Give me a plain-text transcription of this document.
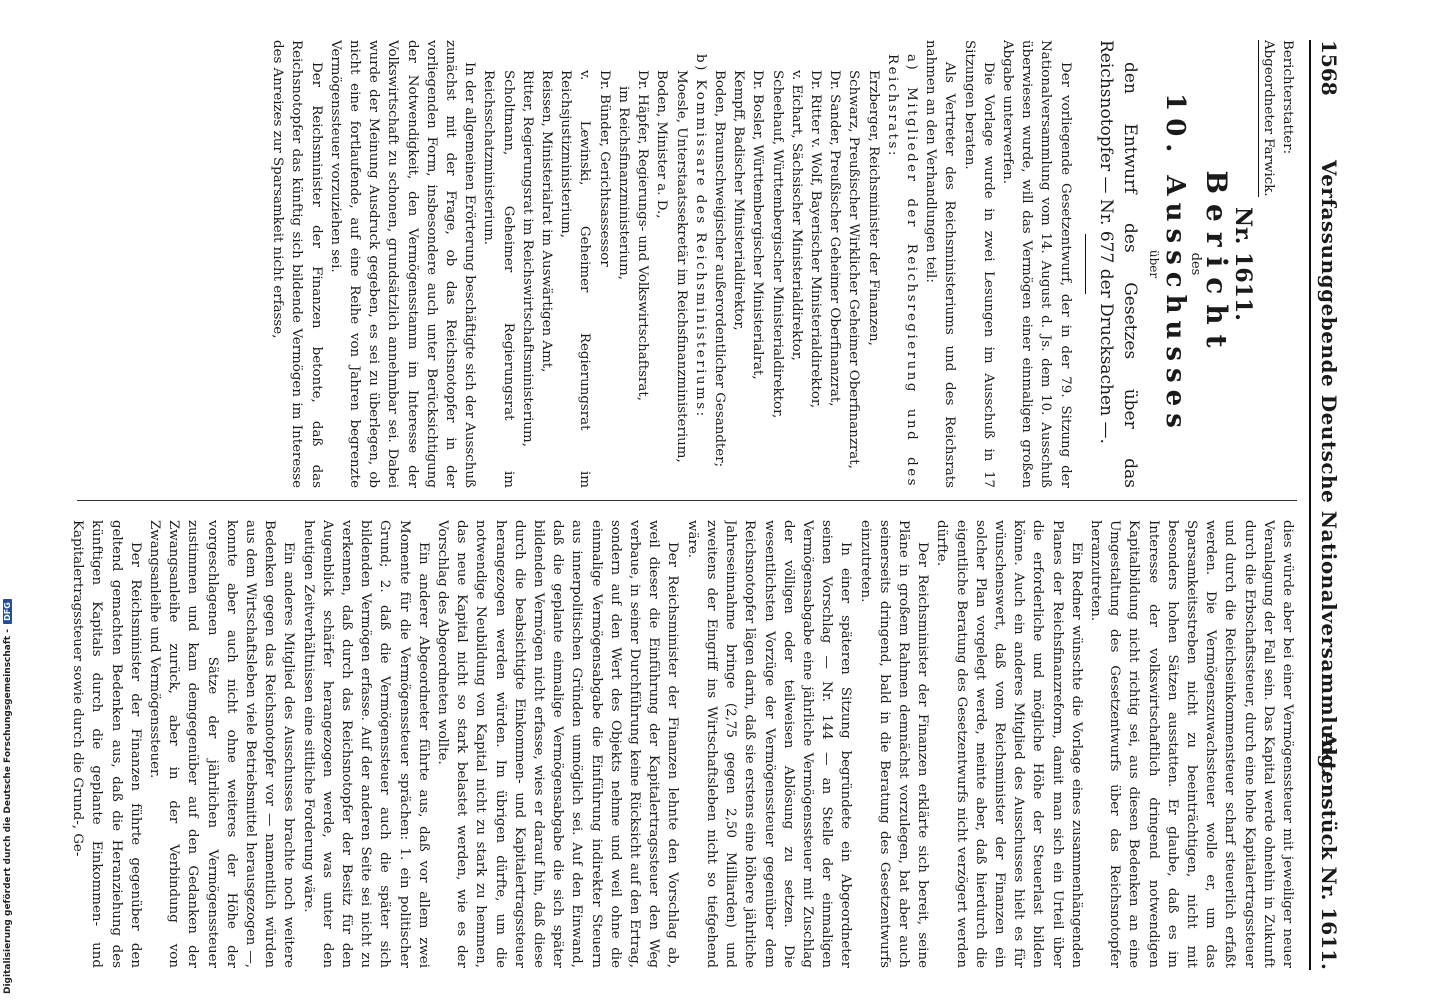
Digitalisierung gefördert durch die Deutsche Forschungsgemeinschaft - DFG
1568
Verfassunggebende Deutsche Nationalversammlung.
Aktenstück Nr. 1611.
Berichterstatter:
Abgeordneter Farwick.
Nr. 1611.
Bericht
des
10. Ausschusses
über

den Entwurf des Gesetzes über das Reichsnotopfer — Nr. 677 der Drucksachen —.

Der vorliegende Gesetzentwurf, der in der 79. Sitzung der Nationalversammlung vom 14. August d. Js. dem 10. Ausschuß überwiesen wurde, will das Vermögen einer einmaligen großen Abgabe unterwerfen.

Die Vorlage wurde in zwei Lesungen im Ausschuß in 17 Sitzungen beraten.

Als Vertreter des Reichsministeriums und des Reichsrats nahmen an den Verhandlungen teil:

a) Mitglieder der Reichsregierung und des Reichsrats:

Erzberger, Reichsminister der Finanzen,

Schwarz, Preußischer Wirklicher Geheimer Oberfinanzrat,

Dr. Sander, Preußischer Geheimer Oberfinanzrat,

Dr. Ritter v. Wolf, Bayerischer Ministerialdirektor,

v. Eichart, Sächsischer Ministerialdirektor,

Scheehauf, Württembergischer Ministerialdirektor,

Dr. Bosler, Württembergischer Ministerialrat,

Kempff, Badischer Ministerialdirektor,

Boden, Braunschweigischer außerordentlicher Gesandter;

b) Kommissare des Reichsministeriums:

Moesle, Unterstaatssekretär im Reichsfinanzministerium,

Boden, Minister a. D.,

Dr. Häpfer, Regierungs- und Volkswirtschaftsrat,

im Reichsfinanzministerium,

Dr. Bünder, Gerichtsassessor

v. Lewinski, Geheimer Regierungsrat im Reichsjustizministerium,

Reissen, Ministerialrat im Auswärtigen Amt,

Ritter, Regierungsrat im Reichswirtschaftsministerium,

Scholtmann, Geheimer Regierungsrat im Reichsschatzministerium.

In der allgemeinen Erörterung beschäftigte sich der Ausschuß zunächst mit der Frage, ob das Reichsnotopfer in der vorliegenden Form, insbesondere auch unter Berücksichtigung der Notwendigkeit, den Vermögensstamm im Interesse der Volkswirtschaft zu schonen, grundsätzlich annehmbar sei. Dabei wurde der Meinung Ausdruck gegeben, es sei zu überlegen, ob nicht eine fortlaufende, auf eine Reihe von Jahren begrenzte Vermögenssteuer vorzuziehen sei.

Der Reichsminister der Finanzen betonte, daß das Reichsnotopfer das künftig sich bildende Vermögen im Interesse des Anreizes zur Sparsamkeit nicht erfasse,

dies würde aber bei einer Vermögenssteuer mit jeweiliger neuer Veranlagung der Fall sein. Das Kapital werde ohnehin in Zukunft durch die Erbschaftssteuer, durch eine hohe Kapitalertragssteuer und durch die Reichseinkommensteuer scharf steuerlich erfaßt werden. Die Vermögenszuwachssteuer wolle er, um das Sparsamkeitsstreben nicht zu beeinträchtigen, nicht mit besonders hohen Sätzen ausstatten. Er glaube, daß es im Interesse der volkswirtschaftlich dringend notwendigen Kapitalbildung nicht richtig sei, aus diesen Bedenken an eine Umgestaltung des Gesetzentwurfs über das Reichsnotopfer heranzutreten.

Ein Redner wünschte die Vorlage eines zusammenhängenden Planes der Reichsfinanzreform, damit man sich ein Urteil über die erforderliche und mögliche Höhe der Steuerlast bilden könne. Auch ein anderes Mitglied des Ausschusses hielt es für wünschenswert, daß vom Reichsminister der Finanzen ein solcher Plan vorgelegt werde, meinte aber, daß hierdurch die eigentliche Beratung des Gesetzentwurfs nicht verzögert werden dürfte.

Der Reichsminister der Finanzen erklärte sich bereit, seine Pläne in großem Rahmen demnächst vorzulegen, bat aber auch seinerseits dringend, bald in die Beratung des Gesetzentwurfs einzutreten.

In einer späteren Sitzung begründete ein Abgeordneter seinen Vorschlag — Nr. 144 — an Stelle der einmaligen Vermögensabgabe eine jährliche Vermögenssteuer mit Zuschlag der völligen oder teilweisen Ablösung zu setzen. Die wesentlichsten Vorzüge der Vermögenssteuer gegenüber dem Reichsnotopfer lägen darin, daß sie erstens eine höhere jährliche Jahreseinnahme bringe (2,75 gegen 2,50 Milliarden) und zweitens der Eingriff ins Wirtschaftsleben nicht so tiefgehend wäre.

Der Reichsminister der Finanzen lehnte den Vorschlag ab, weil dieser die Einführung der Kapitalertragssteuer den Weg verbaue, in seiner Durchführung keine Rücksicht auf den Ertrag, sondern auf den Wert des Objekts nehme und weil ohne die einmalige Vermögensabgabe die Einführung indirekter Steuern aus innerpolitischen Gründen unmöglich sei. Auf den Einwand, daß die geplante einmalige Vermögensabgabe die sich später bildenden Vermögen nicht erfasse, wies er darauf hin, daß diese durch die beabsichtigte Einkommen- und Kapitalertragssteuer herangezogen werden würden. Im übrigen dürfte, um die notwendige Neubildung von Kapital nicht zu stark zu hemmen, das neue Kapital nicht so stark belastet werden, wie es der Vorschlag des Abgeordneten wollte.

Ein anderer Abgeordneter führte aus, daß vor allem zwei Momente für die Vermögenssteuer sprächen: 1. ein politischer Grund; 2. daß die Vermögenssteuer auch die später sich bildenden Vermögen erfasse. Auf der anderen Seite sei nicht zu verkennen, daß durch das Reichsnotopfer der Besitz für den Augenblick schärfer herangezogen werde, was unter den heutigen Zeitverhältnissen eine sittliche Forderung wäre.

Ein anderes Mitglied des Ausschusses brachte noch weitere Bedenken gegen das Reichsnotopfer vor — namentlich würden aus dem Wirtschaftsleben viele Betriebsmittel herausgezogen —, konnte aber auch nicht ohne weiteres der Höhe der vorgeschlagenen Sätze der jährlichen Vermögenssteuer zustimmen und kam demgegenüber auf den Gedanken der Zwangsanleihe zurück, aber in der Verbindung von Zwangsanleihe und Vermögenssteuer.

Der Reichsminister der Finanzen führte gegenüber den geltend gemachten Bedenken aus, daß die Heranziehung des künftigen Kapitals durch die geplante Einkommen- und Kapitalertragssteuer sowie durch die Grund-, Ge-
